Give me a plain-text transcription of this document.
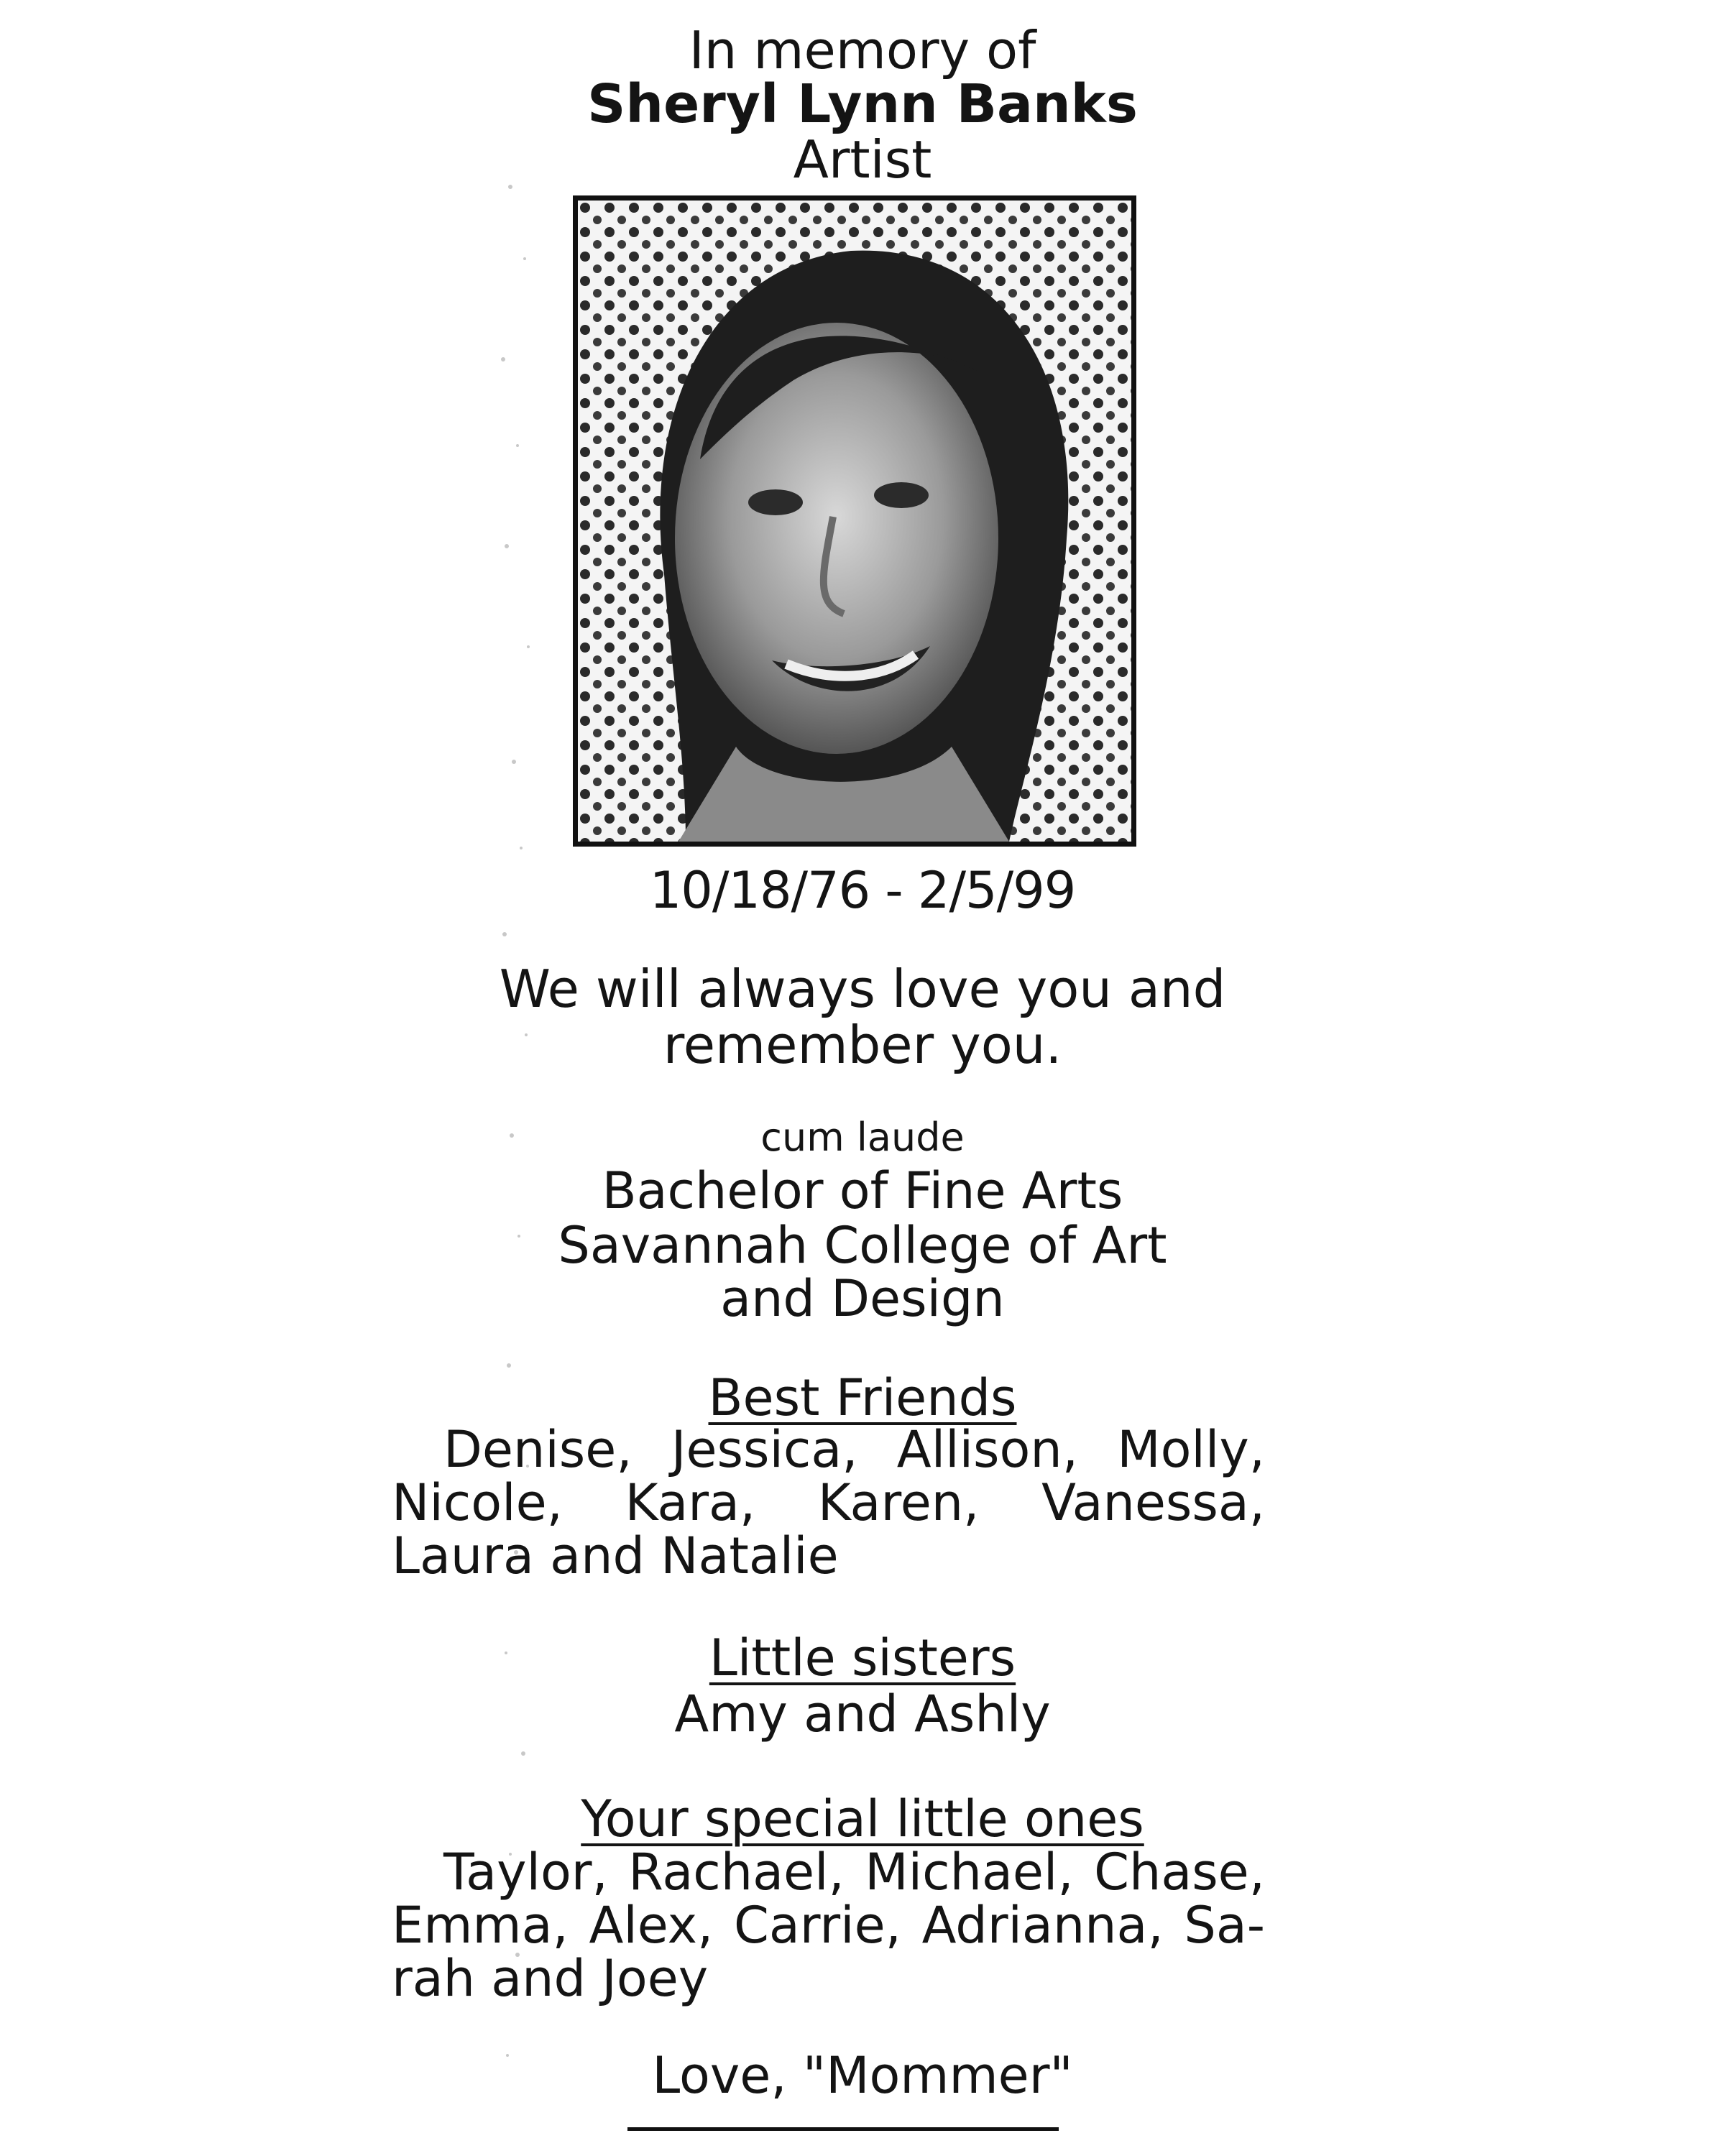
In memory of
Sheryl Lynn Banks
Artist
10/18/76 - 2/5/99
We will always love you and
remember you.
cum laude
Bachelor of Fine Arts
Savannah College of Art
and Design
Best Friends
Denise, Jessica, Allison, Molly, Nicole, Kara, Karen, Vanessa, Laura and Natalie
Little sisters
Amy and Ashly
Your special little ones
Taylor, Rachael, Michael, Chase, Emma, Alex, Carrie, Adrianna, Sa-rah and Joey
Love, "Mommer"
